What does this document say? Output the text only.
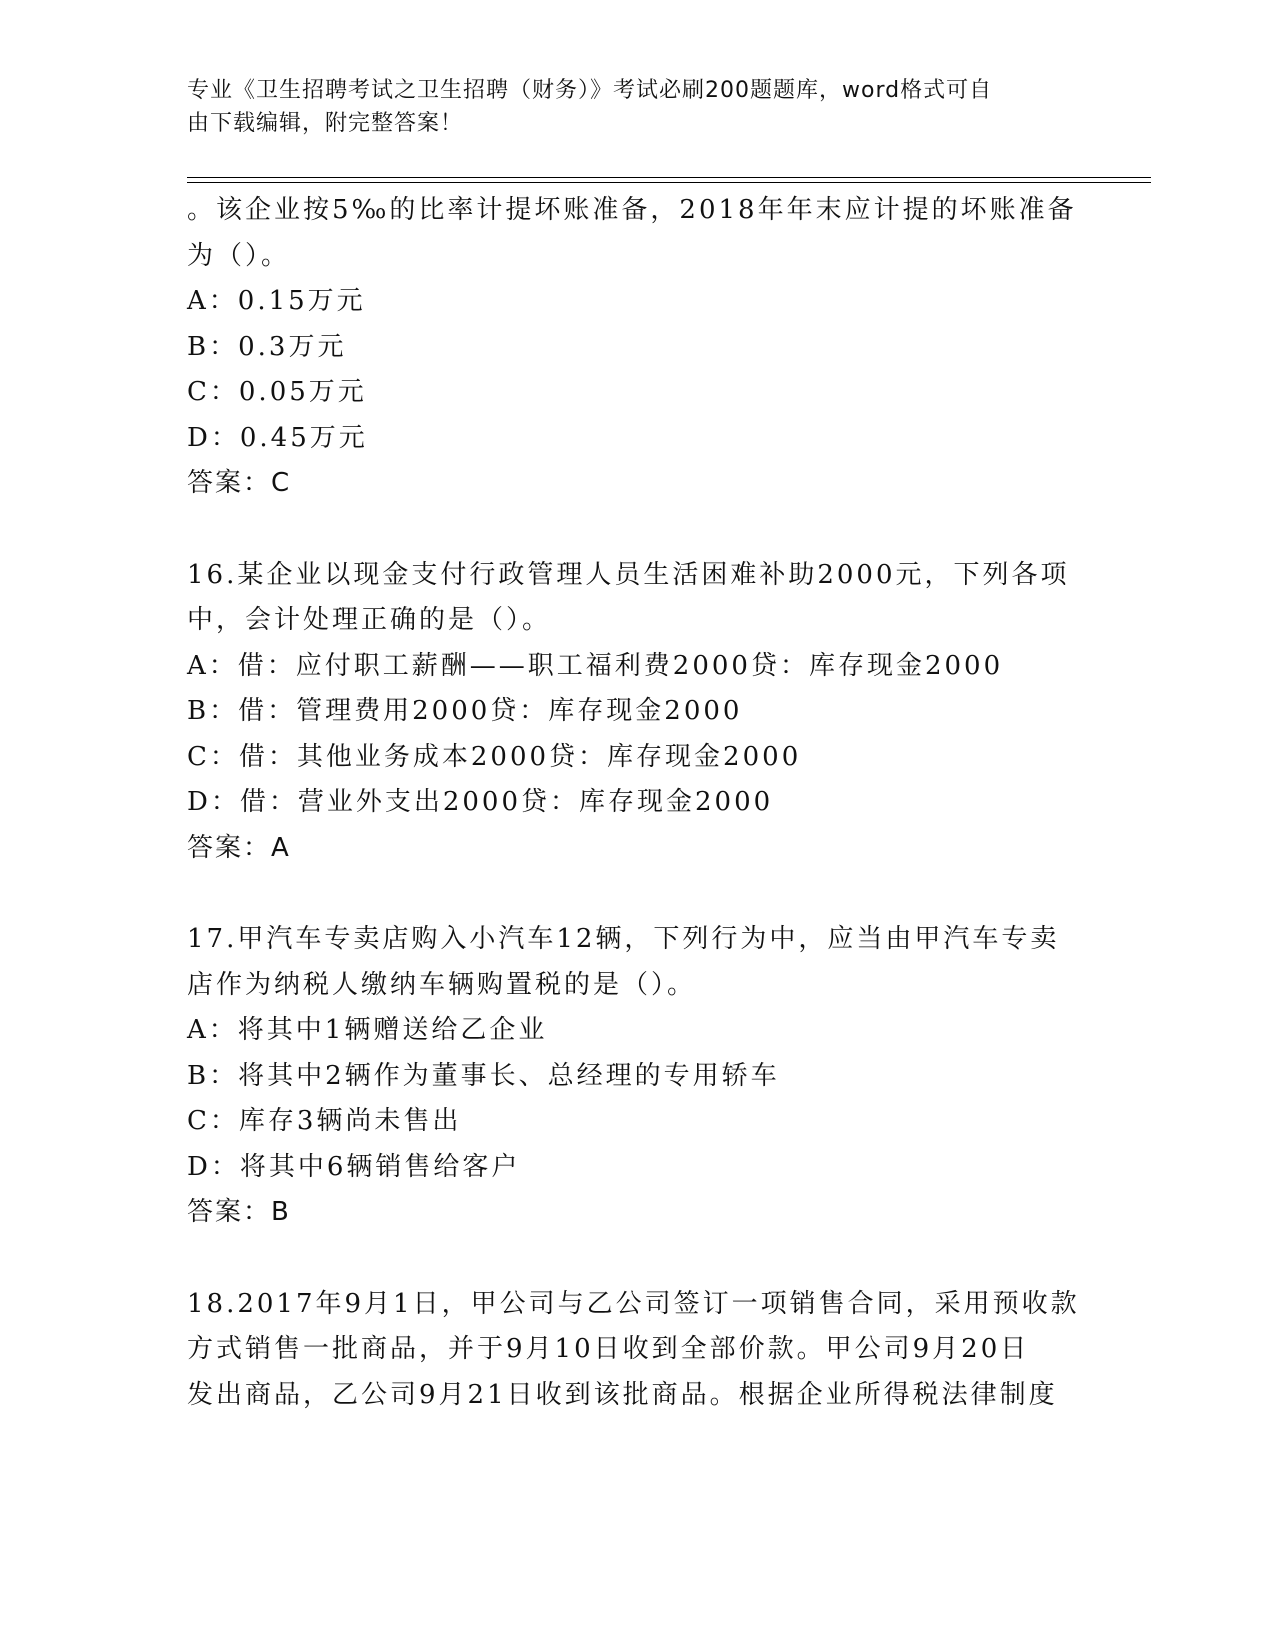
专业《卫生招聘考试之卫生招聘（财务）》考试必刷200题题库，word格式可自
由下载编辑，附完整答案！
。该企业按5‰的比率计提坏账准备，2018年年末应计提的坏账准备
为（）。
A：0.15万元
B：0.3万元
C：0.05万元
D：0.45万元
答案：C
16.某企业以现金支付行政管理人员生活困难补助2000元，下列各项
中，会计处理正确的是（）。
A：借：应付职工薪酬——职工福利费2000贷：库存现金2000
B：借：管理费用2000贷：库存现金2000
C：借：其他业务成本2000贷：库存现金2000
D：借：营业外支出2000贷：库存现金2000
答案：A
17.甲汽车专卖店购入小汽车12辆，下列行为中，应当由甲汽车专卖
店作为纳税人缴纳车辆购置税的是（）。
A：将其中1辆赠送给乙企业
B：将其中2辆作为董事长、总经理的专用轿车
C：库存3辆尚未售出
D：将其中6辆销售给客户
答案：B
18.2017年9月1日，甲公司与乙公司签订一项销售合同，采用预收款
方式销售一批商品，并于9月10日收到全部价款。甲公司9月20日
发出商品，乙公司9月21日收到该批商品。根据企业所得税法律制度
